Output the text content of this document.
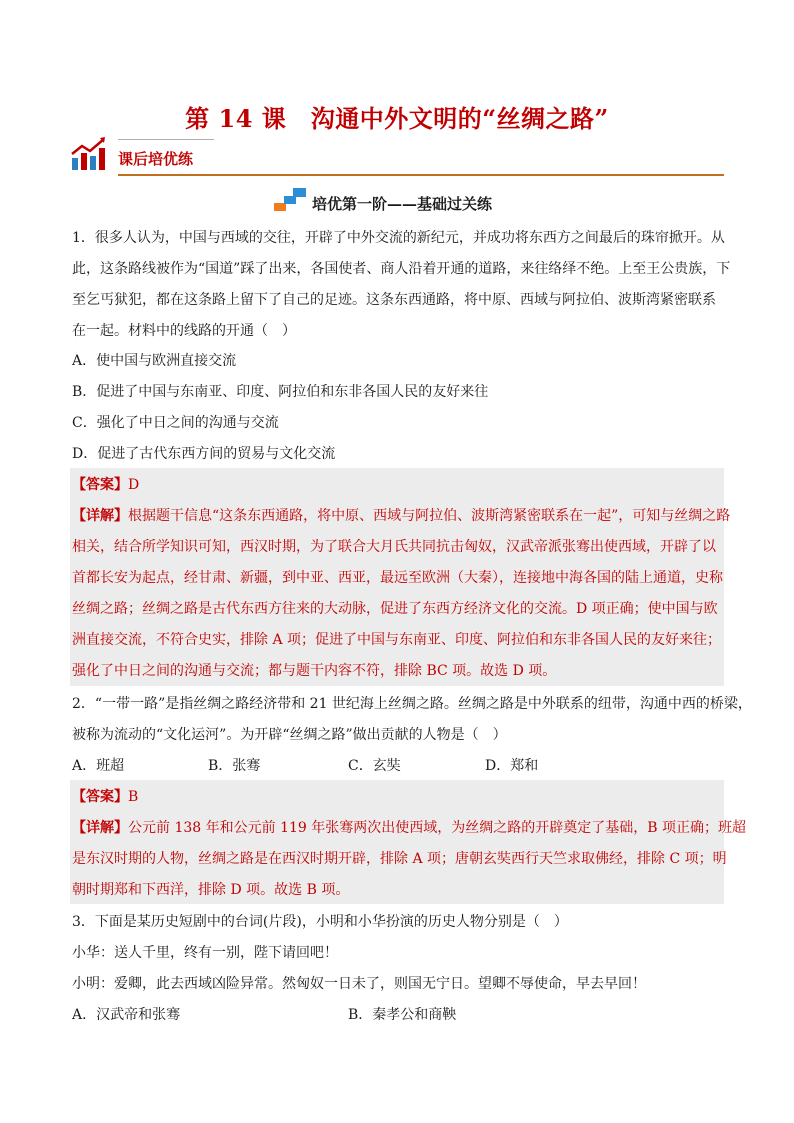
第 14 课　沟通中外文明的“丝绸之路”
课后培优练
培优第一阶——基础过关练
1．很多人认为，中国与西域的交往，开辟了中外交流的新纪元，并成功将东西方之间最后的珠帘掀开。从
此，这条路线被作为“国道”踩了出来，各国使者、商人沿着开通的道路，来往络绎不绝。上至王公贵族，下
至乞丐狱犯，都在这条路上留下了自己的足迹。这条东西通路，将中原、西域与阿拉伯、波斯湾紧密联系
在一起。材料中的线路的开通（　）
A．使中国与欧洲直接交流
B．促进了中国与东南亚、印度、阿拉伯和东非各国人民的友好来往
C．强化了中日之间的沟通与交流
D．促进了古代东西方间的贸易与文化交流
【答案】D
【详解】根据题干信息“这条东西通路，将中原、西域与阿拉伯、波斯湾紧密联系在一起”，可知与丝绸之路
相关，结合所学知识可知，西汉时期，为了联合大月氏共同抗击匈奴，汉武帝派张骞出使西域，开辟了以
首都长安为起点，经甘肃、新疆，到中亚、西亚，最远至欧洲（大秦），连接地中海各国的陆上通道，史称
丝绸之路；丝绸之路是古代东西方往来的大动脉，促进了东西方经济文化的交流。D 项正确；使中国与欧
洲直接交流，不符合史实，排除 A 项；促进了中国与东南亚、印度、阿拉伯和东非各国人民的友好来往；
强化了中日之间的沟通与交流；都与题干内容不符，排除 BC 项。故选 D 项。
2．“一带一路”是指丝绸之路经济带和 21 世纪海上丝绸之路。丝绸之路是中外联系的纽带，沟通中西的桥梁，
被称为流动的“文化运河”。为开辟“丝绸之路”做出贡献的人物是（　）
A．班超	B．张骞	C．玄奘	D．郑和
【答案】B
【详解】公元前 138 年和公元前 119 年张骞两次出使西域，为丝绸之路的开辟奠定了基础，B 项正确；班超
是东汉时期的人物，丝绸之路是在西汉时期开辟，排除 A 项；唐朝玄奘西行天竺求取佛经，排除 C 项；明
朝时期郑和下西洋，排除 D 项。故选 B 项。
3．下面是某历史短剧中的台词(片段)，小明和小华扮演的历史人物分别是（　）
小华：送人千里，终有一别，陛下请回吧！
小明：爱卿，此去西域凶险异常。然匈奴一日未了，则国无宁日。望卿不辱使命，早去早回！
A．汉武帝和张骞	B．秦孝公和商鞅
